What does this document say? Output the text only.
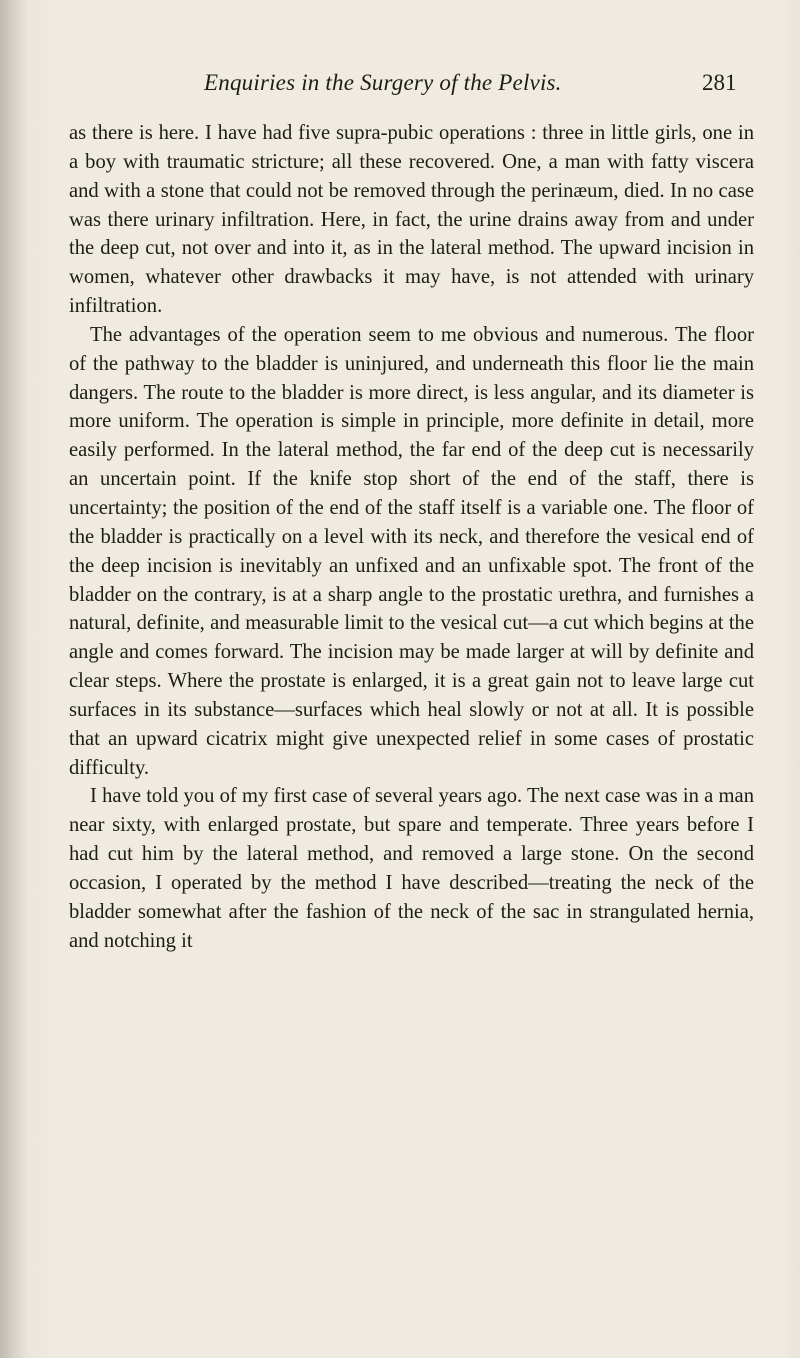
Enquiries in the Surgery of the Pelvis.	281

as there is here. I have had five supra-pubic operations : three in little girls, one in a boy with traumatic stricture; all these recovered. One, a man with fatty viscera and with a stone that could not be removed through the perinæum, died. In no case was there urinary infiltration. Here, in fact, the urine drains away from and under the deep cut, not over and into it, as in the lateral method. The upward incision in women, whatever other drawbacks it may have, is not attended with urinary infiltration.

The advantages of the operation seem to me obvious and numerous. The floor of the pathway to the bladder is uninjured, and underneath this floor lie the main dangers. The route to the bladder is more direct, is less angular, and its diameter is more uniform. The operation is simple in principle, more definite in detail, more easily performed. In the lateral method, the far end of the deep cut is necessarily an uncertain point. If the knife stop short of the end of the staff, there is uncertainty; the position of the end of the staff itself is a variable one. The floor of the bladder is practically on a level with its neck, and therefore the vesical end of the deep incision is inevitably an unfixed and an unfixable spot. The front of the bladder on the contrary, is at a sharp angle to the prostatic urethra, and furnishes a natural, definite, and measurable limit to the vesical cut—a cut which begins at the angle and comes forward. The incision may be made larger at will by definite and clear steps. Where the prostate is enlarged, it is a great gain not to leave large cut surfaces in its substance—surfaces which heal slowly or not at all. It is possible that an upward cicatrix might give unexpected relief in some cases of prostatic difficulty.

I have told you of my first case of several years ago. The next case was in a man near sixty, with enlarged prostate, but spare and temperate. Three years before I had cut him by the lateral method, and removed a large stone. On the second occasion, I operated by the method I have described—treating the neck of the bladder somewhat after the fashion of the neck of the sac in strangulated hernia, and notching it
